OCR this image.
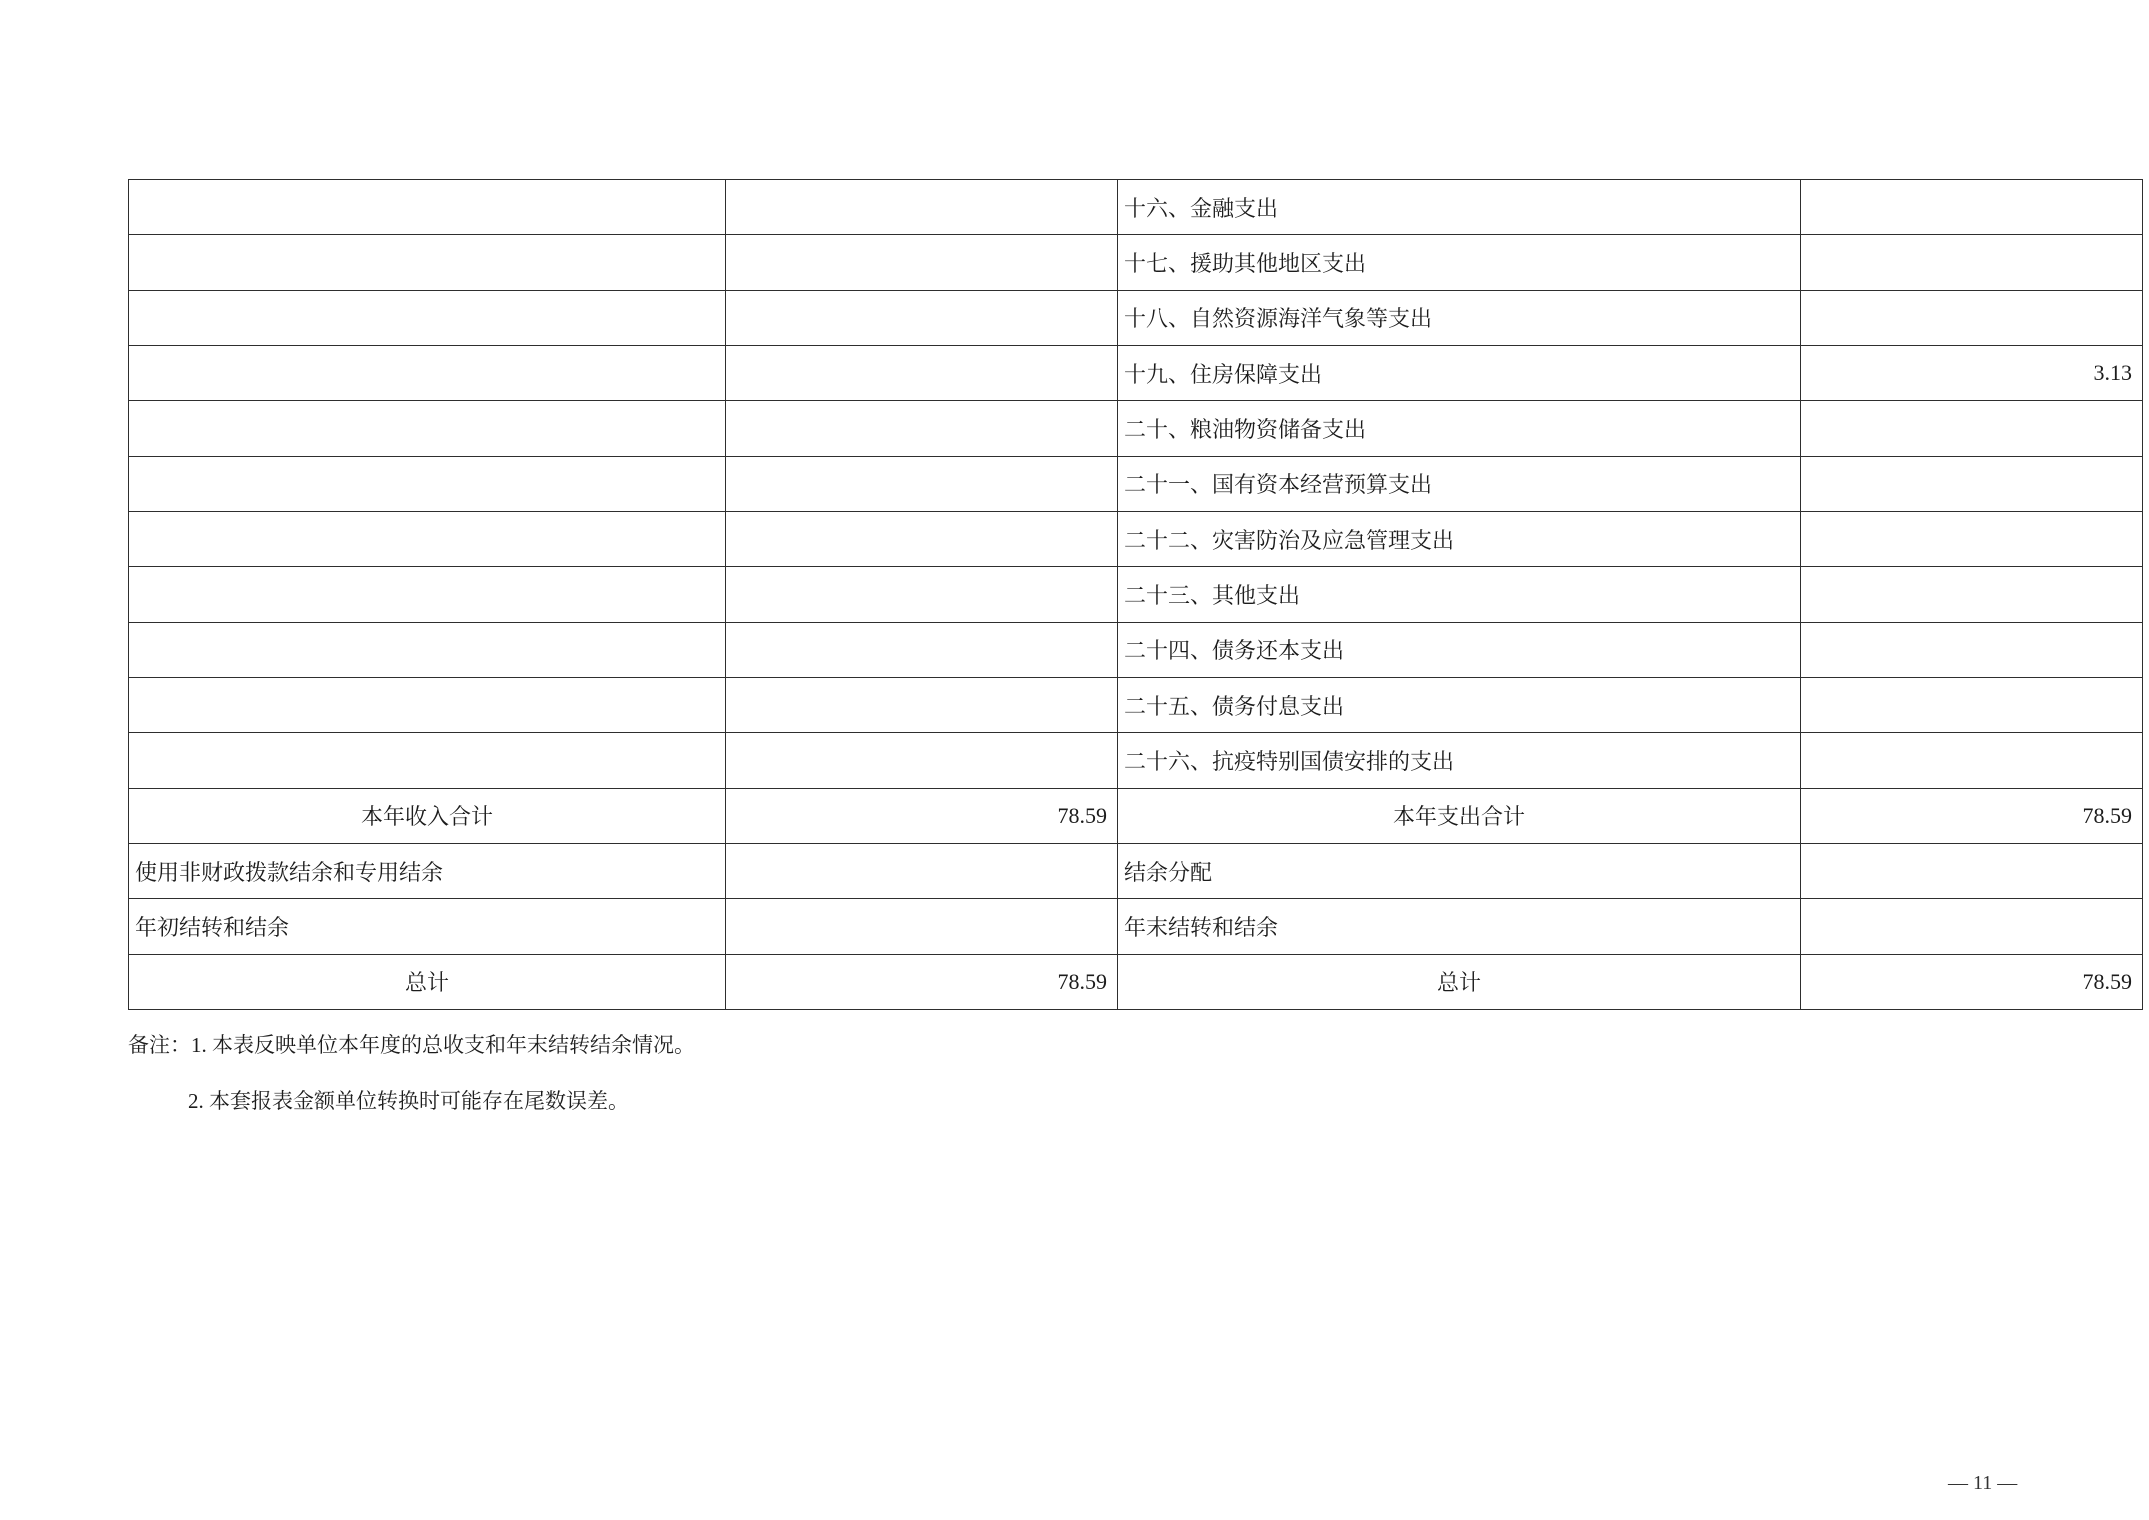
		十六、金融支出	
		十七、援助其他地区支出	
		十八、自然资源海洋气象等支出	
		十九、住房保障支出	3.13
		二十、粮油物资储备支出	
		二十一、国有资本经营预算支出	
		二十二、灾害防治及应急管理支出	
		二十三、其他支出	
		二十四、债务还本支出	
		二十五、债务付息支出	
		二十六、抗疫特别国债安排的支出	
本年收入合计	78.59	本年支出合计	78.59
使用非财政拨款结余和专用结余		结余分配	
年初结转和结余		年末结转和结余	
总计	78.59	总计	78.59
备注：1. 本表反映单位本年度的总收支和年末结转结余情况。
2. 本套报表金额单位转换时可能存在尾数误差。
— 11 —
